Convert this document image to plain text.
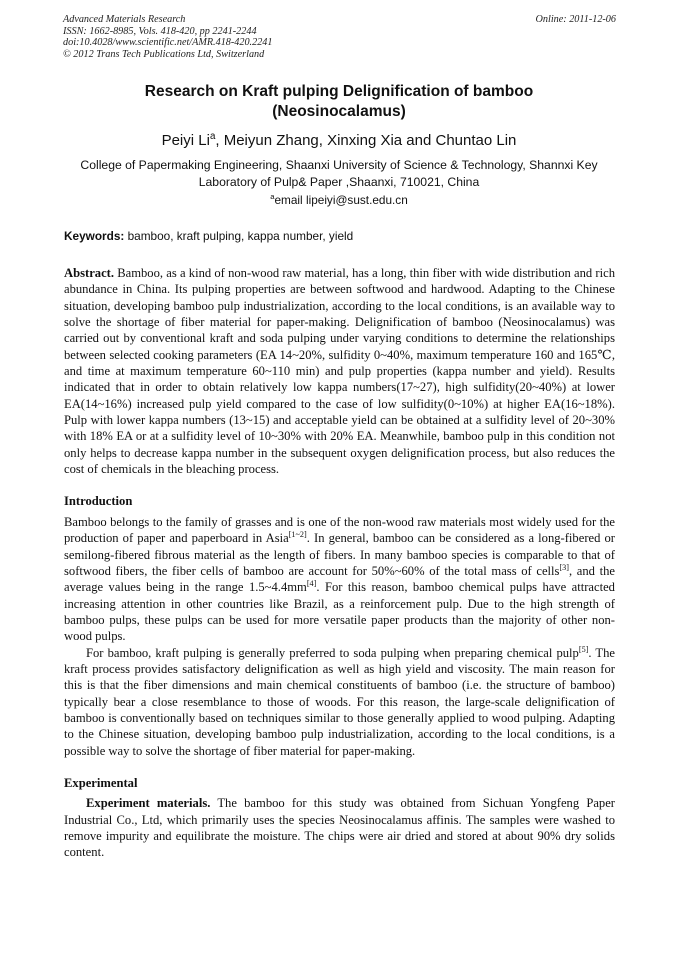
Advanced Materials Research
ISSN: 1662-8985, Vols. 418-420, pp 2241-2244
doi:10.4028/www.scientific.net/AMR.418-420.2241
© 2012 Trans Tech Publications Ltd, Switzerland
Online: 2011-12-06
Research on Kraft pulping Delignification of bamboo
(Neosinocalamus)
Peiyi Li$^a$, Meiyun Zhang, Xinxing Xia and Chuntao Lin
College of Papermaking Engineering, Shaanxi University of Science & Technology, Shannxi Key
Laboratory of Pulp& Paper ,Shaanxi, 710021, China
$^a$email lipeiyi@sust.edu.cn
Keywords: bamboo, kraft pulping, kappa number, yield

Abstract. Bamboo, as a kind of non-wood raw material, has a long, thin fiber with wide distribution and rich abundance in China. Its pulping properties are between softwood and hardwood. Adapting to the Chinese situation, developing bamboo pulp industrialization, according to the local conditions, is an available way to solve the shortage of fiber material for paper-making. Delignification of bamboo (Neosinocalamus) was carried out by conventional kraft and soda pulping under varying conditions to determine the relationships between selected cooking parameters (EA 14~20%, sulfidity 0~40%, maximum temperature 160 and 165℃, and time at maximum temperature 60~110 min) and pulp properties (kappa number and yield). Results indicated that in order to obtain relatively low kappa numbers(17~27), high sulfidity(20~40%) at lower EA(14~16%) increased pulp yield compared to the case of low sulfidity(0~10%) at higher EA(16~18%). Pulp with lower kappa numbers (13~15) and acceptable yield can be obtained at a sulfidity level of 20~30% with 18% EA or at a sulfidity level of 10~30% with 20% EA. Meanwhile, bamboo pulp in this condition not only helps to decrease kappa number in the subsequent oxygen delignification process, but also reduces the cost of chemicals in the bleaching process.

Introduction

Bamboo belongs to the family of grasses and is one of the non-wood raw materials most widely used for the production of paper and paperboard in Asia[1~2]. In general, bamboo can be considered as a long-fibered or semilong-fibered fibrous material as the length of fibers. In many bamboo species is comparable to that of softwood fibers, the fiber cells of bamboo are account for 50%~60% of the total mass of cells[3], and the average values being in the range 1.5~4.4mm[4]. For this reason, bamboo chemical pulps have attracted increasing attention in other countries like Brazil, as a reinforcement pulp. Due to the high strength of bamboo pulps, these pulps can be used for more versatile paper products than the majority of other non-wood pulps.

For bamboo, kraft pulping is generally preferred to soda pulping when preparing chemical pulp[5]. The kraft process provides satisfactory delignification as well as high yield and viscosity. The main reason for this is that the fiber dimensions and main chemical constituents of bamboo (i.e. the structure of bamboo) typically bear a close resemblance to those of woods. For this reason, the large-scale delignification of bamboo is conventionally based on techniques similar to those generally applied to wood pulping. Adapting to the Chinese situation, developing bamboo pulp industrialization, according to the local conditions, is a possible way to solve the shortage of fiber material for paper-making.

Experimental

Experiment materials. The bamboo for this study was obtained from Sichuan Yongfeng Paper Industrial Co., Ltd, which primarily uses the species Neosinocalamus affinis. The samples were washed to remove impurity and equilibrate the moisture. The chips were air dried and stored at about 90% dry solids content.
